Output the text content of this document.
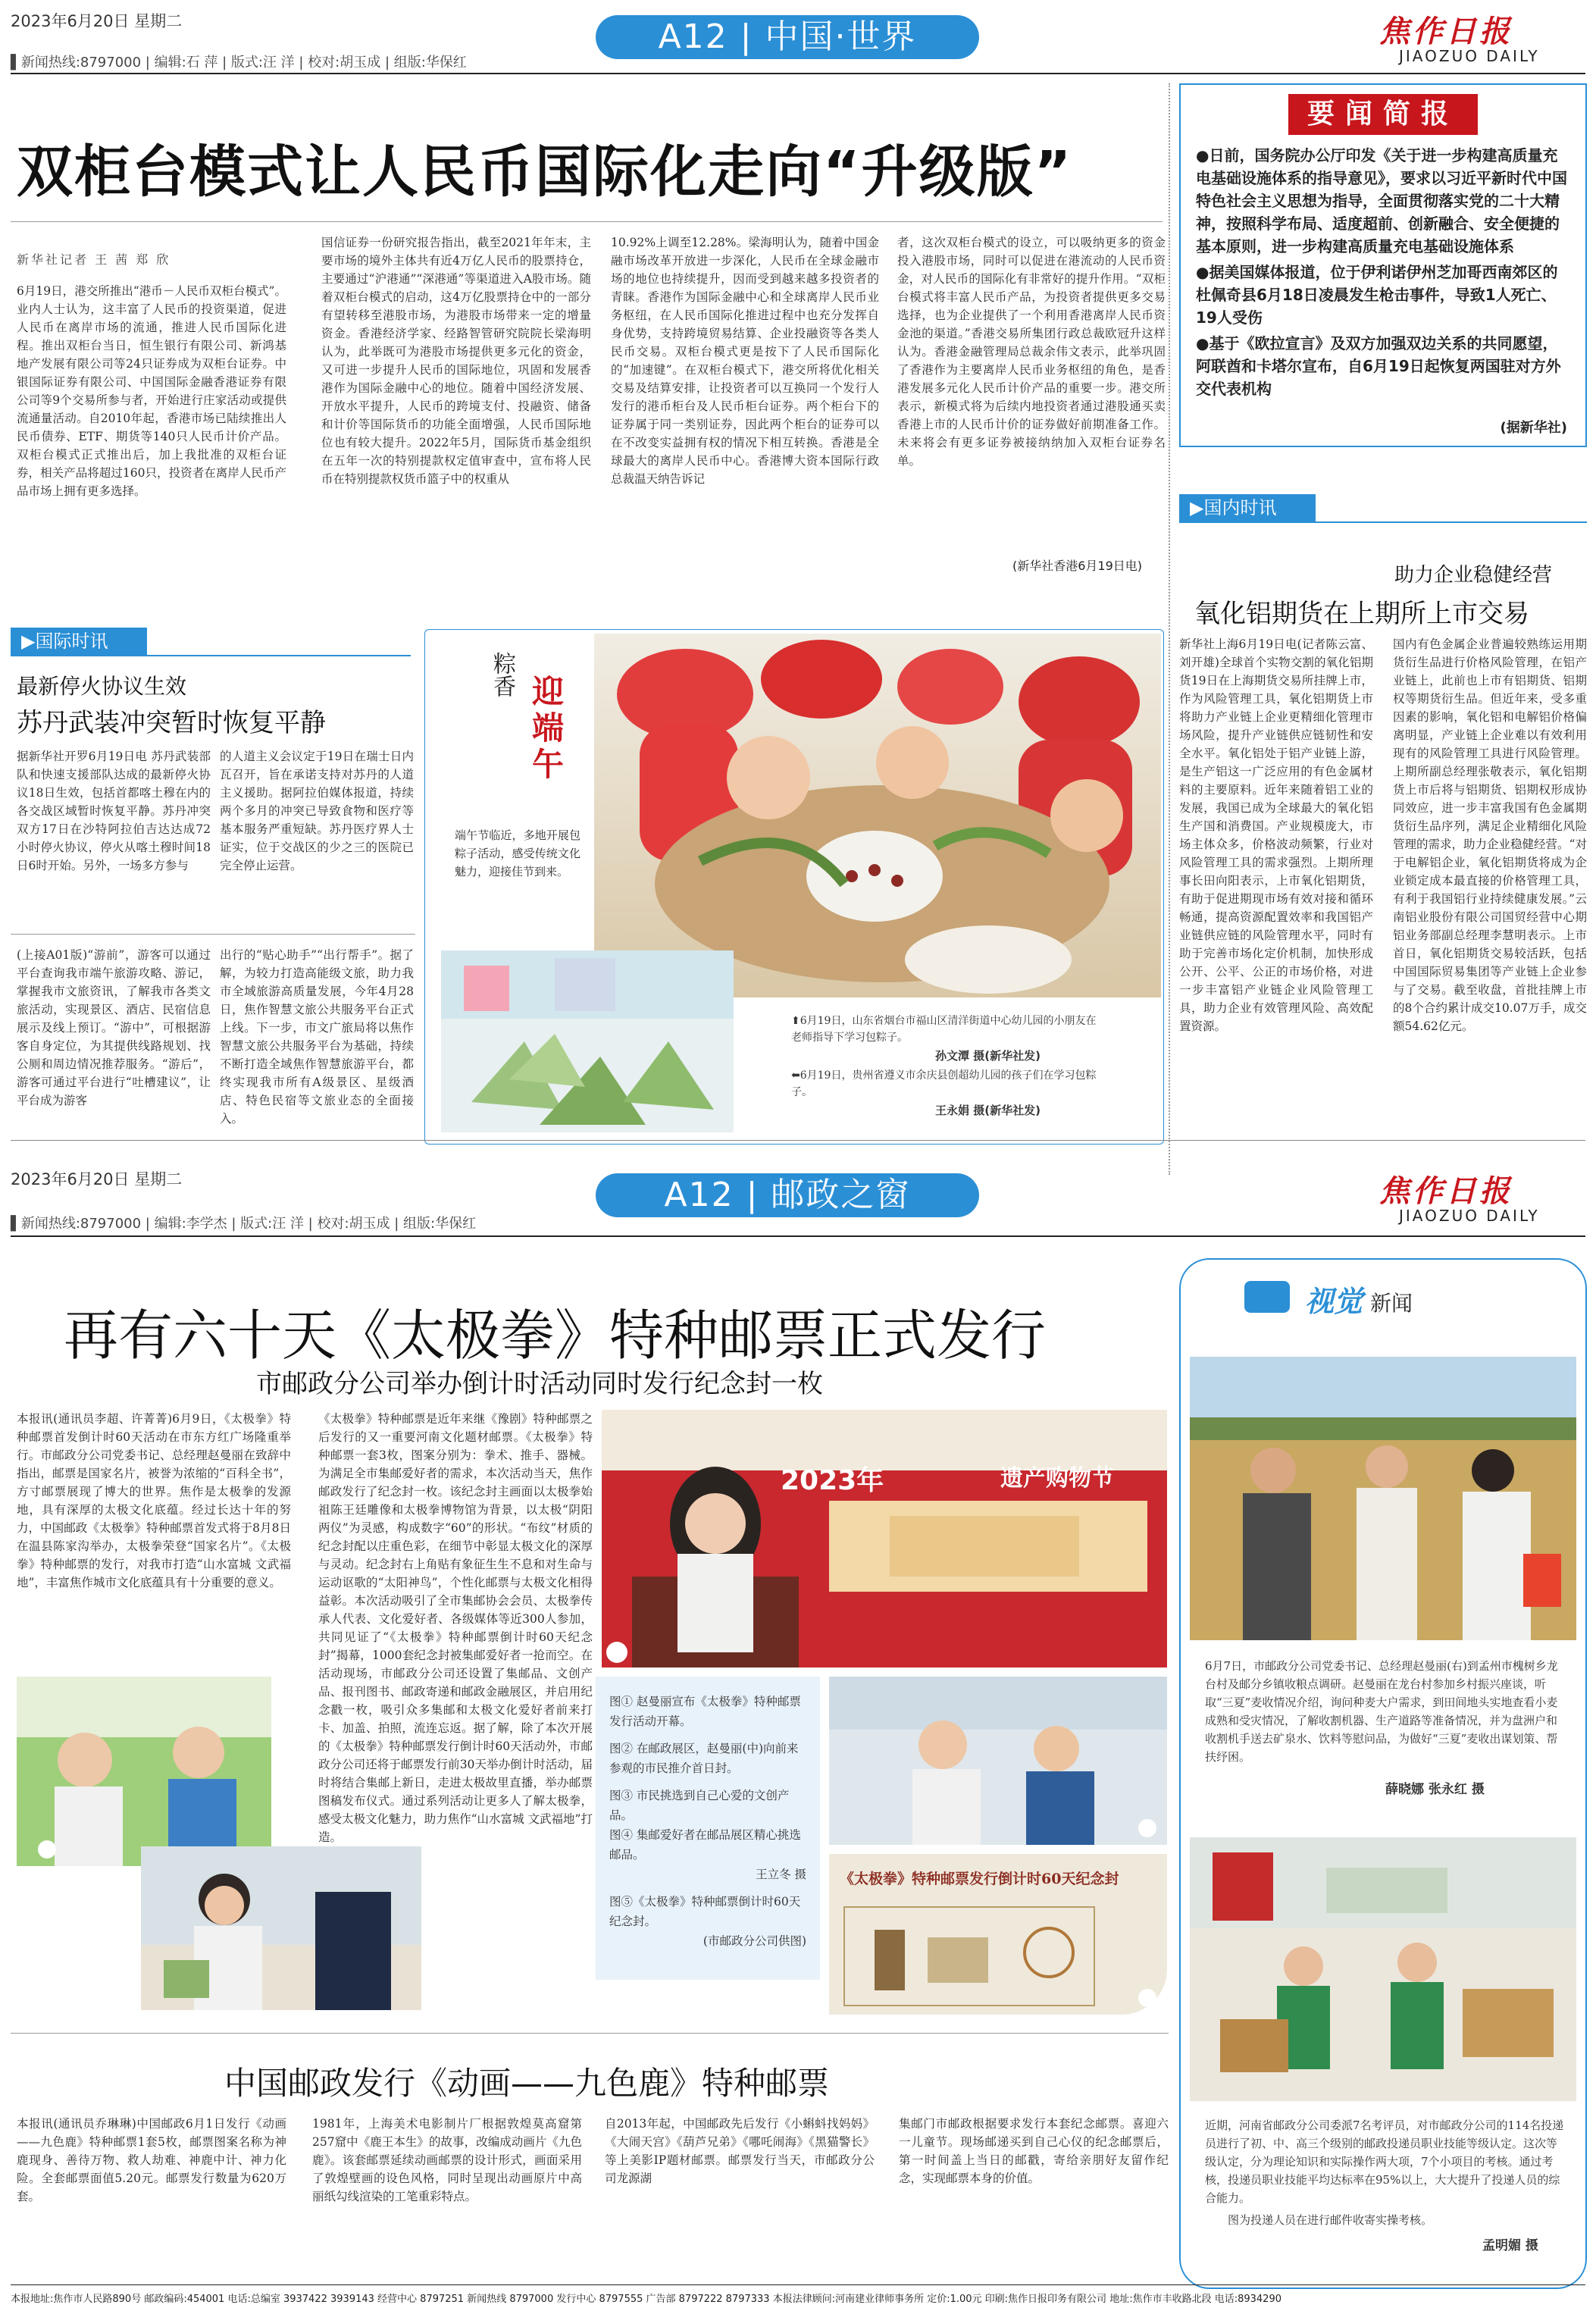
2023年6月20日 星期二	A12 | 中国·世界
▌新闻热线:8797000 | 编辑:石 萍 | 版式:汪 洋 | 校对:胡玉成 | 组版:华保红
焦作日报
JIAOZUO DAILY
双柜台模式让人民币国际化走向“升级版”
新华社记者 王 茜 郑 欣
6月19日，港交所推出“港币－人民币双柜台模式”。业内人士认为，这丰富了人民币的投资渠道，促进人民币在离岸市场的流通，推进人民币国际化进程。推出双柜台当日，恒生银行有限公司、新鸿基地产发展有限公司等24只证券成为双柜台证券。中银国际证券有限公司、中国国际金融香港证券有限公司等9个交易所参与者，开始进行庄家活动或提供流通量活动。自2010年起，香港市场已陆续推出人民币债券、ETF、期货等140只人民币计价产品。双柜台模式正式推出后，加上我批准的双柜台证券，相关产品将超过160只，投资者在离岸人民币产品市场上拥有更多选择。
国信证券一份研究报告指出，截至2021年年末，主要市场的境外主体共有近4万亿人民币的股票持仓，主要通过“沪港通”“深港通”等渠道进入A股市场。随着双柜台模式的启动，这4万亿股票持仓中的一部分有望转移至港股市场，为港股市场带来一定的增量资金。香港经济学家、经路智管研究院院长梁海明认为，此举既可为港股市场提供更多元化的资金，又可进一步提升人民币的国际地位，巩固和发展香港作为国际金融中心的地位。随着中国经济发展、开放水平提升，人民币的跨境支付、投融资、储备和计价等国际货币的功能全面增强，人民币国际地位也有较大提升。2022年5月，国际货币基金组织在五年一次的特别提款权定值审查中，宣布将人民币在特别提款权货币篮子中的权重从
10.92%上调至12.28%。梁海明认为，随着中国金融市场改革开放进一步深化，人民币在全球金融市场的地位也持续提升，因而受到越来越多投资者的青睐。香港作为国际金融中心和全球离岸人民币业务枢纽，在人民币国际化推进过程中也充分发挥自身优势，支持跨境贸易结算、企业投融资等各类人民币交易。双柜台模式更是按下了人民币国际化的“加速键”。在双柜台模式下，港交所将优化相关交易及结算安排，让投资者可以互换同一个发行人发行的港币柜台及人民币柜台证券。两个柜台下的证券属于同一类别证券，因此两个柜台的证券可以在不改变实益拥有权的情况下相互转换。香港是全球最大的离岸人民币中心。香港博大资本国际行政总裁温天纳告诉记
者，这次双柜台模式的设立，可以吸纳更多的资金投入港股市场，同时可以促进在港流动的人民币资金，对人民币的国际化有非常好的提升作用。“双柜台模式将丰富人民币产品，为投资者提供更多交易选择，也为企业提供了一个利用香港离岸人民币资金池的渠道。”香港交易所集团行政总裁欧冠升这样认为。香港金融管理局总裁余伟文表示，此举巩固了香港作为主要离岸人民币业务枢纽的角色，是香港发展多元化人民币计价产品的重要一步。港交所表示，新模式将为后续内地投资者通过港股通买卖香港上市的人民币计价的证券做好前期准备工作。未来将会有更多证券被接纳纳加入双柜台证券名单。
(新华社香港6月19日电)
要闻简报
●日前，国务院办公厅印发《关于进一步构建高质量充电基础设施体系的指导意见》，要求以习近平新时代中国特色社会主义思想为指导，全面贯彻落实党的二十大精神，按照科学布局、适度超前、创新融合、安全便捷的基本原则，进一步构建高质量充电基础设施体系
●据美国媒体报道，位于伊利诺伊州芝加哥西南郊区的杜佩奇县6月18日凌晨发生枪击事件，导致1人死亡、19人受伤
●基于《欧拉宣言》及双方加强双边关系的共同愿望，阿联酋和卡塔尔宣布，自6月19日起恢复两国驻对方外交代表机构
(据新华社)
▶国内时讯
助力企业稳健经营
氧化铝期货在上期所上市交易
新华社上海6月19日电(记者陈云富、刘开雄)全球首个实物交割的氧化铝期货19日在上海期货交易所挂牌上市，作为风险管理工具，氧化铝期货上市将助力产业链上企业更精细化管理市场风险，提升产业链供应链韧性和安全水平。氧化铝处于铝产业链上游，是生产铝这一广泛应用的有色金属材料的主要原料。近年来随着铝工业的发展，我国已成为全球最大的氧化铝生产国和消费国。产业规模庞大，市场主体众多，价格波动频繁，行业对风险管理工具的需求强烈。上期所理事长田向阳表示，上市氧化铝期货，有助于促进期现市场有效对接和循环畅通，提高资源配置效率和我国铝产业链供应链的风险管理水平，同时有助于完善市场化定价机制，加快形成公开、公平、公正的市场价格，对进一步丰富铝产业链企业风险管理工具，助力企业有效管理风险、高效配置资源。
国内有色金属企业普遍较熟练运用期货衍生品进行价格风险管理，在铝产业链上，此前也上市有铝期货、铝期权等期货衍生品。但近年来，受多重因素的影响，氧化铝和电解铝价格偏离明显，产业链上企业难以有效利用现有的风险管理工具进行风险管理。上期所副总经理张敬表示，氧化铝期货上市后将与铝期货、铝期权形成协同效应，进一步丰富我国有色金属期货衍生品序列，满足企业精细化风险管理的需求，助力企业稳健经营。“对于电解铝企业，氧化铝期货将成为企业锁定成本最直接的价格管理工具，有利于我国铝行业持续健康发展。”云南铝业股份有限公司国贸经营中心期铝业务部副总经理李慧明表示。上市首日，氧化铝期货交易较活跃，包括中国国际贸易集团等产业链上企业参与了交易。截至收盘，首批挂牌上市的8个合约累计成交10.07万手，成交额54.62亿元。
▶国际时讯
最新停火协议生效
苏丹武装冲突暂时恢复平静
据新华社开罗6月19日电 苏丹武装部队和快速支援部队达成的最新停火协议18日生效，包括首都喀土穆在内的各交战区域暂时恢复平静。苏丹冲突双方17日在沙特阿拉伯吉达达成72小时停火协议，停火从喀土穆时间18日6时开始。另外，一场多方参与
的人道主义会议定于19日在瑞士日内瓦召开，旨在承诺支持对苏丹的人道主义援助。据阿拉伯媒体报道，持续两个多月的冲突已导致食物和医疗等基本服务严重短缺。苏丹医疗界人士证实，位于交战区的少之三的医院已完全停止运营。
(上接A01版)“游前”，游客可以通过平台查询我市端午旅游攻略、游记，掌握我市文旅资讯，了解我市各类文旅活动，实现景区、酒店、民宿信息展示及线上预订。“游中”，可根据游客自身定位，为其提供线路规划、找公厕和周边情况推荐服务。“游后”，游客可通过平台进行“吐槽建议”，让平台成为游客
出行的“贴心助手”“出行帮手”。据了解，为较力打造高能级文旅，助力我市全域旅游高质量发展，今年4月28日，焦作智慧文旅公共服务平台正式上线。下一步，市文广旅局将以焦作智慧文旅公共服务平台为基础，持续不断打造全域焦作智慧旅游平台，都终实现我市所有A级景区、星级酒店、特色民宿等文旅业态的全面接入。
粽香 迎端午
端午节临近，多地开展包粽子活动，感受传统文化魅力，迎接佳节到来。
⬆6月19日，山东省烟台市福山区清洋街道中心幼儿园的小朋友在老师指导下学习包粽子。
孙文潭 摄(新华社发)
⬅6月19日，贵州省遵义市余庆县创超幼儿园的孩子们在学习包粽子。
王永娟 摄(新华社发)
2023年6月20日 星期二	A12 | 邮政之窗
▌新闻热线:8797000 | 编辑:李学杰 | 版式:汪 洋 | 校对:胡玉成 | 组版:华保红
焦作日报
JIAOZUO DAILY
再有六十天《太极拳》特种邮票正式发行
市邮政分公司举办倒计时活动同时发行纪念封一枚
本报讯(通讯员李超、许菁菁)6月9日，《太极拳》特种邮票首发倒计时60天活动在市东方红广场隆重举行。市邮政分公司党委书记、总经理赵曼丽在致辞中指出，邮票是国家名片，被誉为浓缩的“百科全书”，方寸邮票展现了博大的世界。焦作是太极拳的发源地，具有深厚的太极文化底蕴。经过长达十年的努力，中国邮政《太极拳》特种邮票首发式将于8月8日在温县陈家沟举办，太极拳荣登“国家名片”。《太极拳》特种邮票的发行，对我市打造“山水富城 文武福地”，丰富焦作城市文化底蕴具有十分重要的意义。
《太极拳》特种邮票是近年来继《豫剧》特种邮票之后发行的又一重要河南文化题材邮票。《太极拳》特种邮票一套3枚，图案分别为：拳术、推手、器械。为满足全市集邮爱好者的需求，本次活动当天，焦作邮政发行了纪念封一枚。该纪念封主画面以太极拳始祖陈王廷雕像和太极拳博物馆为背景，以太极“阴阳两仪”为灵感，构成数字“60”的形状。“布纹”材质的纪念封配以庄重色彩，在细节中彰显太极文化的深厚与灵动。纪念封右上角贴有象征生生不息和对生命与运动讴歌的“太阳神鸟”，个性化邮票与太极文化相得益彰。本次活动吸引了全市集邮协会会员、太极拳传承人代表、文化爱好者、各级媒体等近300人参加，共同见证了“《太极拳》特种邮票倒计时60天纪念封”揭幕，1000套纪念封被集邮爱好者一抢而空。在活动现场，市邮政分公司还设置了集邮品、文创产品、报刊图书、邮政寄递和邮政金融展区，并启用纪念戳一枚，吸引众多集邮和太极文化爱好者前来打卡、加盖、拍照，流连忘返。据了解，除了本次开展的《太极拳》特种邮票发行倒计时60天活动外，市邮政分公司还将于邮票发行前30天举办倒计时活动，届时将结合集邮上新日，走进太极故里直播，举办邮票图稿发布仪式。通过系列活动让更多人了解太极拳，感受太极文化魅力，助力焦作“山水富城 文武福地”打造。
2023年	遗产购物节
图① 赵曼丽宣布《太极拳》特种邮票发行活动开幕。
图② 在邮政展区，赵曼丽(中)向前来参观的市民推介首日封。
图③ 市民挑选到自己心爱的文创产品。
图④ 集邮爱好者在邮品展区精心挑选邮品。
王立冬 摄
图⑤《太极拳》特种邮票倒计时60天纪念封。
(市邮政分公司供图)
《太极拳》特种邮票发行倒计时60天纪念封
中国邮政发行《动画——九色鹿》特种邮票
本报讯(通讯员乔琳琳)中国邮政6月1日发行《动画——九色鹿》特种邮票1套5枚，邮票图案名称为神鹿现身、善待万物、救人劫难、神鹿中计、神力化险。全套邮票面值5.20元。邮票发行数量为620万套。
1981年，上海美术电影制片厂根据敦煌莫高窟第257窟中《鹿王本生》的故事，改编成动画片《九色鹿》。该套邮票延续动画邮票的设计形式，画面采用了敦煌壁画的设色风格，同时呈现出动画原片中高丽纸勾线渲染的工笔重彩特点。
自2013年起，中国邮政先后发行《小蝌蚪找妈妈》《大闹天宫》《葫芦兄弟》《哪吒闹海》《黑猫警长》等上美影IP题材邮票。邮票发行当天，市邮政分公司龙源湖
集邮门市邮政根据要求发行本套纪念邮票。喜迎六一儿童节。现场邮递买到自己心仪的纪念邮票后，第一时间盖上当日的邮戳，寄给亲朋好友留作纪念，实现邮票本身的价值。
视觉 新闻
6月7日，市邮政分公司党委书记、总经理赵曼丽(右)到孟州市槐树乡龙台村及邮分乡镇收粮点调研。赵曼丽在龙台村参加乡村振兴座谈，听取“三夏”麦收情况介绍，询问种麦大户需求，到田间地头实地查看小麦成熟和受灾情况，了解收割机器、生产道路等准备情况，并为盘洲户和收割机手送去矿泉水、饮料等慰问品，为做好“三夏”麦收出谋划策、帮扶纾困。
薛晓娜 张永红 摄
近期，河南省邮政分公司委派7名考评员，对市邮政分公司的114名投递员进行了初、中、高三个级别的邮政投递员职业技能等级认定。这次等级认定，分为理论知识和实际操作两大项，7个小项目的考核。通过考核，投递员职业技能平均达标率在95%以上，大大提升了投递人员的综合能力。
图为投递人员在进行邮件收寄实操考核。
孟明媚 摄
本报地址:焦作市人民路890号 邮政编码:454001 电话:总编室 3937422 3939143 经营中心 8797251 新闻热线 8797000 发行中心 8797555 广告部 8797222 8797333 本报法律顾问:河南建业律师事务所 定价:1.00元 印刷:焦作日报印务有限公司 地址:焦作市丰收路北段 电话:8934290
